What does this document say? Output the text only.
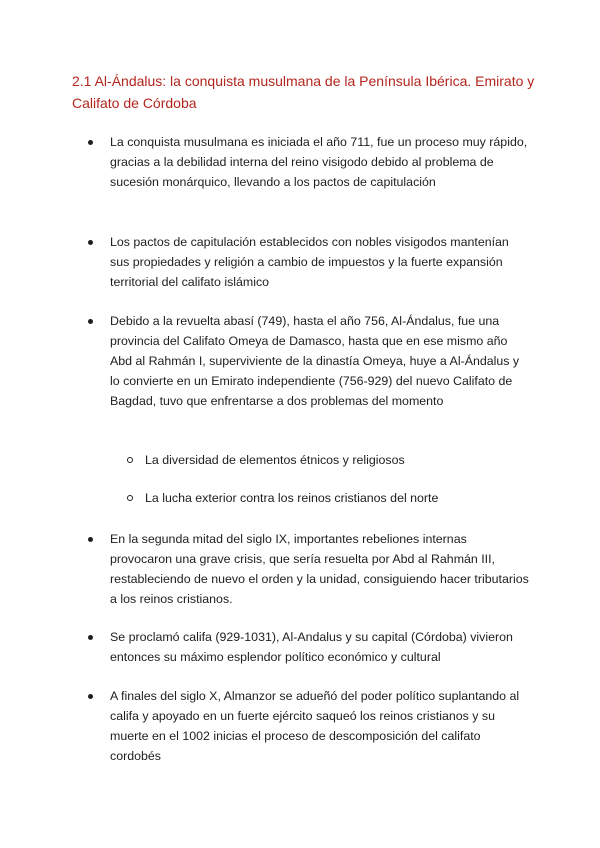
2.1 Al-Ándalus: la conquista musulmana de la Península Ibérica. Emirato y Califato de Córdoba
La conquista musulmana es iniciada el año 711, fue un proceso muy rápido, gracias a la debilidad interna del reino visigodo debido al problema de sucesión monárquico, llevando a los pactos de capitulación
Los pactos de capitulación establecidos con nobles visigodos mantenían sus propiedades y religión a cambio de impuestos y la fuerte expansión territorial del califato islámico
Debido a la revuelta abasí (749), hasta el año 756, Al-Ándalus, fue una provincia del Califato Omeya de Damasco, hasta que en ese mismo año Abd al Rahmán I, superviviente de la dinastía Omeya, huye a Al-Ándalus y lo convierte en un Emirato independiente (756-929) del nuevo Califato de Bagdad, tuvo que enfrentarse a dos problemas del momento
La diversidad de elementos étnicos y religiosos
La lucha exterior contra los reinos cristianos del norte
En la segunda mitad del siglo IX, importantes rebeliones internas provocaron una grave crisis, que sería resuelta por Abd al Rahmán III, restableciendo de nuevo el orden y la unidad, consiguiendo hacer tributarios a los reinos cristianos.
Se proclamó califa (929-1031), Al-Andalus y su capital (Córdoba) vivieron entonces su máximo esplendor político económico y cultural
A finales del siglo X, Almanzor se adueñó del poder político suplantando al califa y apoyado en un fuerte ejército saqueó los reinos cristianos y su muerte en el 1002 inicias el proceso de descomposición del califato cordobés
